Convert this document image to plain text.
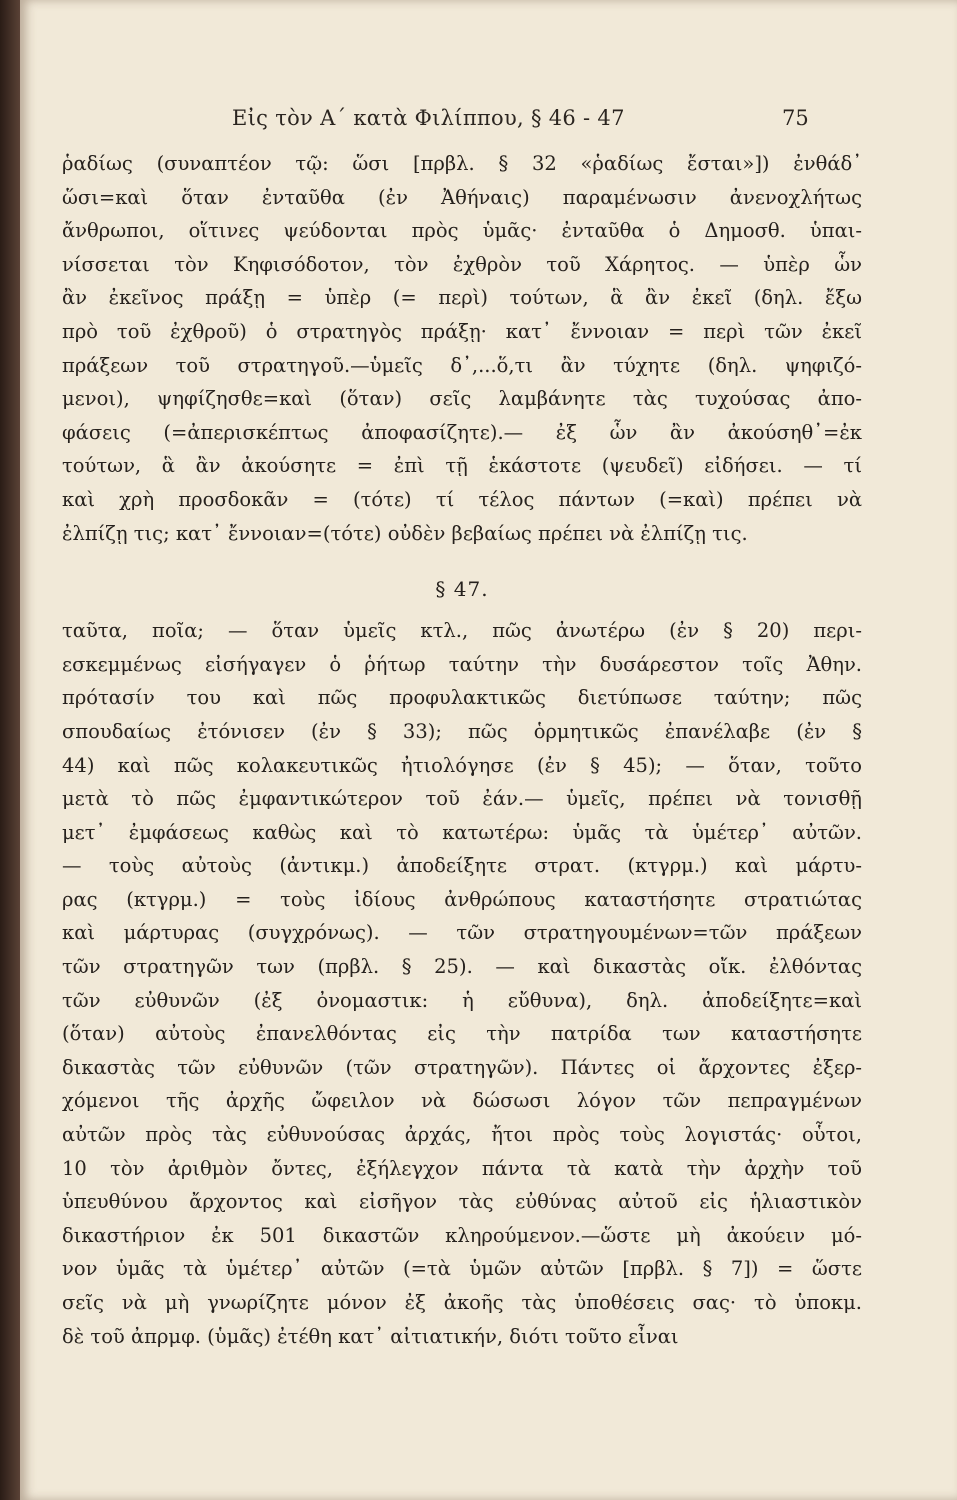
Εἰς τὸν Α΄ κατὰ Φιλίππου, § 46 - 47	75
ῥαδίως (συναπτέον τῷ: ὥσι [πρβλ. § 32 «ῥαδίως ἔσται»]) ἐνθάδ᾽
ὥσι=καὶ ὅταν ἐνταῦθα (ἐν Ἀθήναις) παραμένωσιν ἀνενοχλήτως
ἄνθρωποι, οἵτινες ψεύδονται πρὸς ὑμᾶς· ἐνταῦθα ὁ Δημοσθ. ὑπαι-
νίσσεται τὸν Κηφισόδοτον, τὸν ἐχθρὸν τοῦ Χάρητος. — ὑπὲρ ὧν
ἂν ἐκεῖνος πράξῃ = ὑπὲρ (= περὶ) τούτων, ἃ ἂν ἐκεῖ (δηλ. ἔξω
πρὸ τοῦ ἐχθροῦ) ὁ στρατηγὸς πράξῃ· κατ᾽ ἔννοιαν = περὶ τῶν ἐκεῖ
πράξεων τοῦ στρατηγοῦ.—ὑμεῖς δ᾽,...ὅ,τι ἂν τύχητε (δηλ. ψηφιζό-
μενοι), ψηφίζησθε=καὶ (ὅταν) σεῖς λαμβάνητε τὰς τυχούσας ἀπο-
φάσεις (=ἀπερισκέπτως ἀποφασίζητε).— ἐξ ὧν ἂν ἀκούσηθ᾽=ἐκ
τούτων, ἃ ἂν ἀκούσητε = ἐπὶ τῇ ἑκάστοτε (ψευδεῖ) εἰδήσει. — τί
καὶ χρὴ προσδοκᾶν = (τότε) τί τέλος πάντων (=καὶ) πρέπει νὰ
ἐλπίζῃ τις; κατ᾽ ἔννοιαν=(τότε) οὐδὲν βεβαίως πρέπει νὰ ἐλπίζῃ τις.
§ 47.
ταῦτα, ποῖα; — ὅταν ὑμεῖς κτλ., πῶς ἀνωτέρω (ἐν § 20) περι-
εσκεμμένως εἰσήγαγεν ὁ ῥήτωρ ταύτην τὴν δυσάρεστον τοῖς Ἀθην.
πρότασίν του καὶ πῶς προφυλακτικῶς διετύπωσε ταύτην; πῶς
σπουδαίως ἐτόνισεν (ἐν § 33); πῶς ὁρμητικῶς ἐπανέλαβε (ἐν §
44) καὶ πῶς κολακευτικῶς ἠτιολόγησε (ἐν § 45); — ὅταν, τοῦτο
μετὰ τὸ πῶς ἐμφαντικώτερον τοῦ ἐάν.— ὑμεῖς, πρέπει νὰ τονισθῇ
μετ᾽ ἐμφάσεως καθὼς καὶ τὸ κατωτέρω: ὑμᾶς τὰ ὑμέτερ᾽ αὐτῶν.
— τοὺς αὐτοὺς (ἀντικμ.) ἀποδείξητε στρατ. (κτγρμ.) καὶ μάρτυ-
ρας (κτγρμ.) = τοὺς ἰδίους ἀνθρώπους καταστήσητε στρατιώτας
καὶ μάρτυρας (συγχρόνως). — τῶν στρατηγουμένων=τῶν πράξεων
τῶν στρατηγῶν των (πρβλ. § 25). — καὶ δικαστὰς οἴκ. ἐλθόντας
τῶν εὐθυνῶν (ἐξ ὀνομαστικ: ἡ εὔθυνα), δηλ. ἀποδείξητε=καὶ
(ὅταν) αὐτοὺς ἐπανελθόντας εἰς τὴν πατρίδα των καταστήσητε
δικαστὰς τῶν εὐθυνῶν (τῶν στρατηγῶν). Πάντες οἱ ἄρχοντες ἐξερ-
χόμενοι τῆς ἀρχῆς ὤφειλον νὰ δώσωσι λόγον τῶν πεπραγμένων
αὐτῶν πρὸς τὰς εὐθυνούσας ἀρχάς, ἤτοι πρὸς τοὺς λογιστάς· οὗτοι,
10 τὸν ἀριθμὸν ὄντες, ἐξήλεγχον πάντα τὰ κατὰ τὴν ἀρχὴν τοῦ
ὑπευθύνου ἄρχοντος καὶ εἰσῆγον τὰς εὐθύνας αὐτοῦ εἰς ἡλιαστικὸν
δικαστήριον ἐκ 501 δικαστῶν κληρούμενον.—ὥστε μὴ ἀκούειν μό-
νον ὑμᾶς τὰ ὑμέτερ᾽ αὐτῶν (=τὰ ὑμῶν αὐτῶν [πρβλ. § 7]) = ὥστε
σεῖς νὰ μὴ γνωρίζητε μόνον ἐξ ἀκοῆς τὰς ὑποθέσεις σας· τὸ ὑποκμ.
δὲ τοῦ ἀπρμφ. (ὑμᾶς) ἐτέθη κατ᾽ αἰτιατικήν, διότι τοῦτο εἶναι
